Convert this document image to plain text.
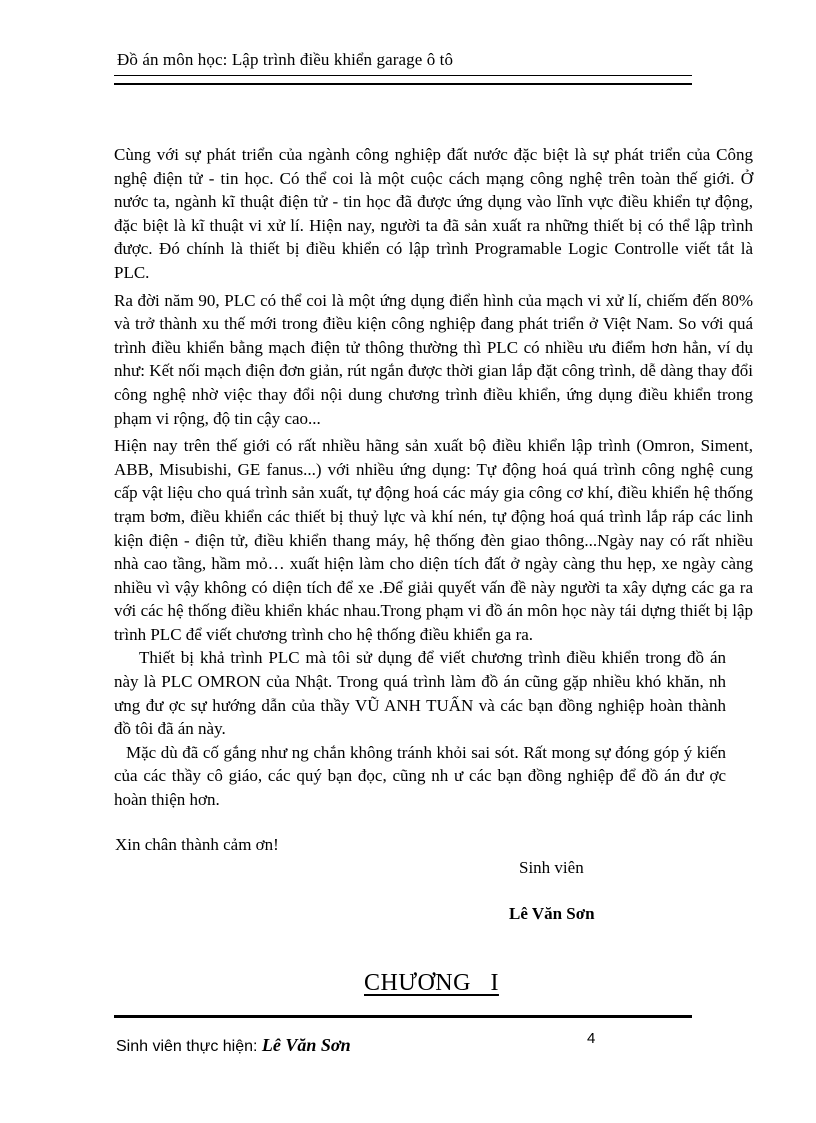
Đồ án môn học: Lập trình điều khiển garage ô tô

Cùng với sự phát triển của ngành công nghiệp đất nước đặc biệt là sự phát triển của Công nghệ điện tử - tin học. Có thể coi là một cuộc cách mạng công nghệ trên toàn thế giới. Ở nước ta, ngành kĩ thuật điện tử - tin học đã được ứng dụng vào lĩnh vực điều khiển tự động, đặc biệt là kĩ thuật vi xử lí. Hiện nay, người ta đã sản xuất ra những thiết bị có thể lập trình được. Đó chính là thiết bị điều khiển có lập trình Programable Logic Controlle viết tắt là PLC.

Ra đời năm 90, PLC có thể coi là một ứng dụng điển hình của mạch vi xử lí, chiếm đến 80% và trở thành xu thế mới trong điều kiện công nghiệp đang phát triển ở Việt Nam. So với quá trình điều khiển bằng mạch điện tử thông thường thì PLC có nhiều ưu điểm hơn hẳn, ví dụ như: Kết nối mạch điện đơn giản, rút ngắn được thời gian lắp đặt công trình, dễ dàng thay đổi công nghệ nhờ việc thay đổi nội dung chương trình điều khiển, ứng dụng điều khiển trong phạm vi rộng, độ tin cậy cao...

Hiện nay trên thế giới có rất nhiều hãng sản xuất bộ điều khiển lập trình (Omron, Siment, ABB, Misubishi, GE fanus...) với nhiều ứng dụng: Tự động hoá quá trình công nghệ cung cấp vật liệu cho quá trình sản xuất, tự động hoá các máy gia công cơ khí, điều khiển hệ thống trạm bơm, điều khiển các thiết bị thuỷ lực và khí nén, tự động hoá quá trình lắp ráp các linh kiện điện - điện tử, điều khiển thang máy, hệ thống đèn giao thông...Ngày nay có rất nhiều nhà cao tầng, hầm mỏ… xuất hiện làm cho diện tích đất ở ngày càng thu hẹp, xe ngày càng nhiều vì vậy không có diện tích để xe .Để giải quyết vấn đề này người ta xây dựng các ga ra với các hệ thống điều khiển khác nhau.Trong phạm vi đồ án môn học này tái dựng thiết bị lập trình PLC để viết chương trình cho hệ thống điều khiển ga ra.

Thiết bị khả trình PLC mà tôi sử dụng để viết chương trình điều khiển trong đồ án này là PLC OMRON của Nhật. Trong quá trình làm đồ án cũng gặp nhiều khó khăn, nh ưng đư ợc sự hướng dẫn của thầy VŨ ANH TUẤN và các bạn đồng nghiệp hoàn thành đồ tôi đã án này.

Mặc dù đã cố gắng như ng chắn không tránh khỏi sai sót. Rất mong sự đóng góp ý kiến của các thầy cô giáo, các quý bạn đọc, cũng nh ư các bạn đồng nghiệp để đồ án đư ợc hoàn thiện hơn.

Xin chân thành cảm ơn!
Sinh viên
Lê Văn Sơn
CHƯƠNG   I
Sinh viên thực hiện: Lê Văn Sơn	4
